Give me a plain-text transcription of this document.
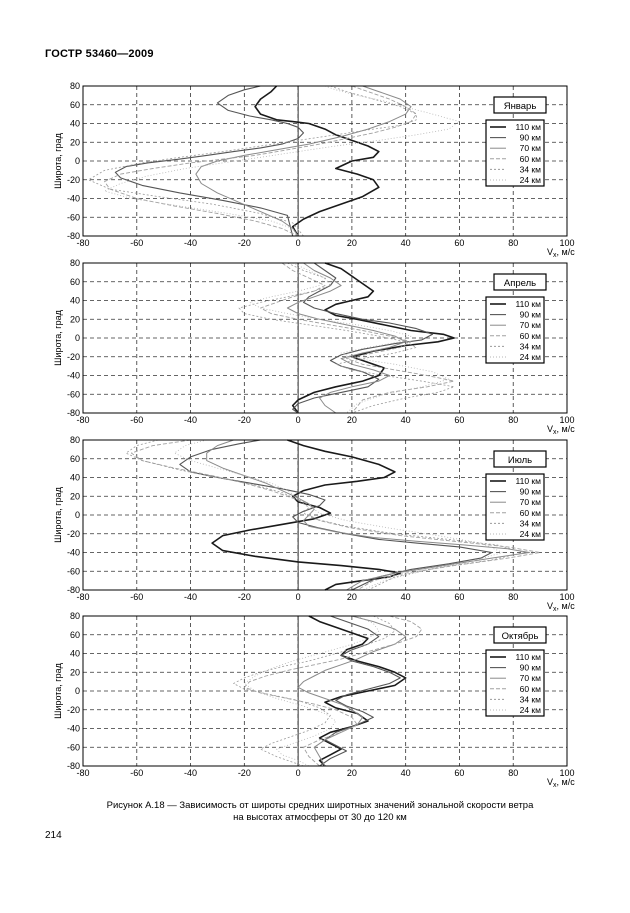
ГОСТР 53460—2009
-80	-60	-40	-20	0	20	40	60	80	100
80
60
40
20
0
-20
-40
-60
-80
Широта, град
$V_x$, м/с
Январь
110 км
90 км
70 км
60 км
34 км
24 км
-80	-60	-40	-20	0	20	40	60	80	100
80
60
40
20
0
-20
-40
-60
-80
Широта, град
$V_x$, м/с
Апрель
110 км
90 км
70 км
60 км
34 км
24 км
-80	-60	-40	-20	0	20	40	60	80	100
80
60
40
20
0
-20
-40
-60
-80
Широта, град
$V_x$, м/с
Июль
110 км
90 км
70 км
60 км
34 км
24 км
-80	-60	-40	-20	0	20	40	60	80	100
80
60
40
20
0
-20
-40
-60
-80
Широта, град
$V_x$, м/с
Октябрь
110 км
90 км
70 км
60 км
34 км
24 км
Рисунок А.18 — Зависимость от широты средних широтных значений зональной скорости ветра
на высотах атмосферы от 30 до 120 км
214
